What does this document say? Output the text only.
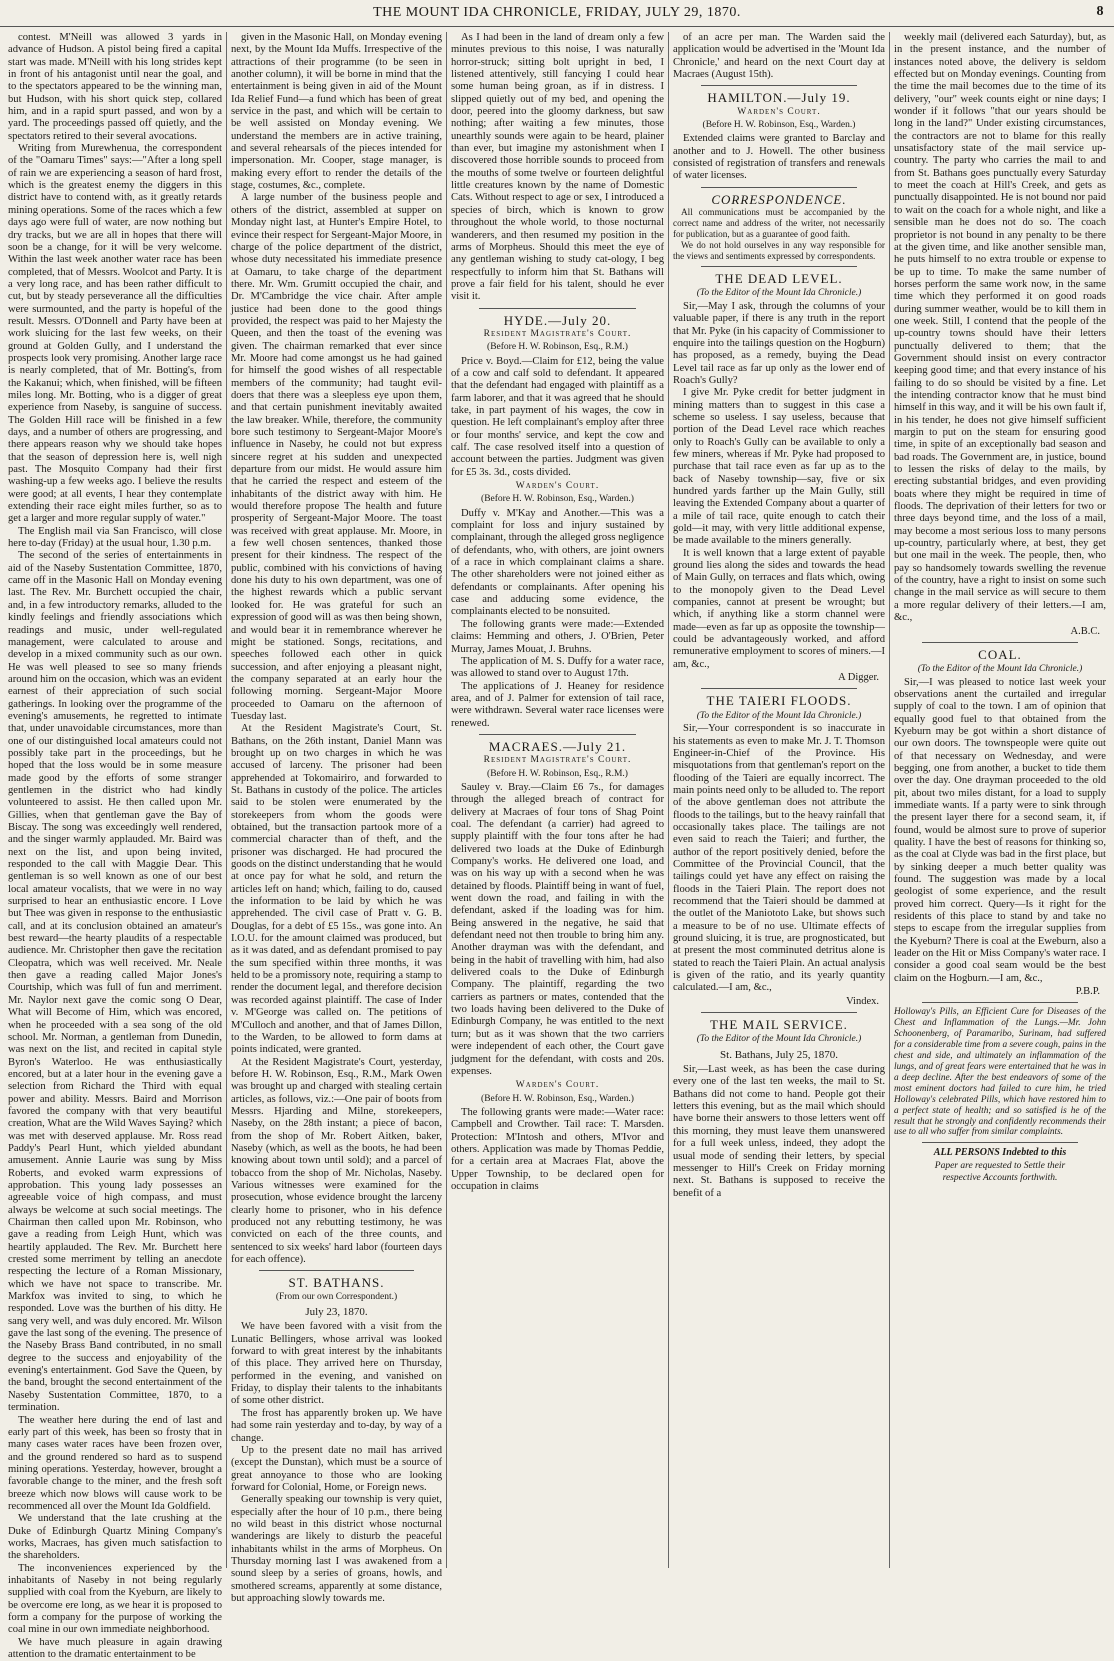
THE MOUNT IDA CHRONICLE, FRIDAY, JULY 29, 1870.	8

contest. M'Neill was allowed 3 yards in advance of Hudson. A pistol being fired a capital start was made. M'Neill with his long strides kept in front of his antagonist until near the goal, and to the spectators appeared to be the winning man, but Hudson, with his short quick step, collared him, and in a rapid spurt passed, and won by a yard. The proceedings passed off quietly, and the spectators retired to their several avocations.

Writing from Murewhenua, the correspondent of the "Oamaru Times" says:—"After a long spell of rain we are experiencing a season of hard frost, which is the greatest enemy the diggers in this district have to contend with, as it greatly retards mining operations. Some of the races which a few days ago were full of water, are now nothing but dry tracks, but we are all in hopes that there will soon be a change, for it will be very welcome. Within the last week another water race has been completed, that of Messrs. Woolcot and Party. It is a very long race, and has been rather difficult to cut, but by steady perseverance all the difficulties were surmounted, and the party is hopeful of the result. Messrs. O'Donnell and Party have been at work sluicing for the last few weeks, on their ground at Golden Gully, and I understand the prospects look very promising. Another large race is nearly completed, that of Mr. Botting's, from the Kakanui; which, when finished, will be fifteen miles long. Mr. Botting, who is a digger of great experience from Naseby, is sanguine of success. The Golden Hill race will be finished in a few days, and a number of others are progressing, and there appears reason why we should take hopes that the season of depression here is, well nigh past. The Mosquito Company had their first washing-up a few weeks ago. I believe the results were good; at all events, I hear they contemplate extending their race eight miles further, so as to get a larger and more regular supply of water."

The English mail via San Francisco, will close here to-day (Friday) at the usual hour, 1.30 p.m.

The second of the series of entertainments in aid of the Naseby Sustentation Committee, 1870, came off in the Masonic Hall on Monday evening last. The Rev. Mr. Burchett occupied the chair, and, in a few introductory remarks, alluded to the kindly feelings and friendly associations which readings and music, under well-regulated management, were calculated to arouse and develop in a mixed community such as our own. He was well pleased to see so many friends around him on the occasion, which was an evident earnest of their appreciation of such social gatherings. In looking over the programme of the evening's amusements, he regretted to intimate that, under unavoidable circumstances, more than one of our distinguished local amateurs could not possibly take part in the proceedings, but he hoped that the loss would be in some measure made good by the efforts of some stranger gentlemen in the district who had kindly volunteered to assist. He then called upon Mr. Gillies, when that gentleman gave the Bay of Biscay. The song was exceedingly well rendered, and the singer warmly applauded. Mr. Baird was next on the list, and upon being invited, responded to the call with Maggie Dear. This gentleman is so well known as one of our best local amateur vocalists, that we were in no way surprised to hear an enthusiastic encore. I Love but Thee was given in response to the enthusiastic call, and at its conclusion obtained an amateur's best reward—the hearty plaudits of a respectable audience. Mr. Christopher then gave the recitation Cleopatra, which was well received. Mr. Neale then gave a reading called Major Jones's Courtship, which was full of fun and merriment. Mr. Naylor next gave the comic song O Dear, What will Become of Him, which was encored, when he proceeded with a sea song of the old school. Mr. Norman, a gentleman from Dunedin, was next on the list, and recited in capital style Byron's Waterloo. He was enthusiastically encored, but at a later hour in the evening gave a selection from Richard the Third with equal power and ability. Messrs. Baird and Morrison favored the company with that very beautiful creation, What are the Wild Waves Saying? which was met with deserved applause. Mr. Ross read Paddy's Pearl Hunt, which yielded abundant amusement. Annie Laurie was sung by Miss Roberts, and evoked warm expressions of approbation. This young lady possesses an agreeable voice of high compass, and must always be welcome at such social meetings. The Chairman then called upon Mr. Robinson, who gave a reading from Leigh Hunt, which was heartily applauded. The Rev. Mr. Burchett here crested some merriment by telling an anecdote respecting the lecture of a Roman Missionary, which we have not space to transcribe. Mr. Markfox was invited to sing, to which he responded. Love was the burthen of his ditty. He sang very well, and was duly encored. Mr. Wilson gave the last song of the evening. The presence of the Naseby Brass Band contributed, in no small degree to the success and enjoyability of the evening's entertainment. God Save the Queen, by the band, brought the second entertainment of the Naseby Sustentation Committee, 1870, to a termination.

The weather here during the end of last and early part of this week, has been so frosty that in many cases water races have been frozen over, and the ground rendered so hard as to suspend mining operations. Yesterday, however, brought a favorable change to the miner, and the fresh soft breeze which now blows will cause work to be recommenced all over the Mount Ida Goldfield.

We understand that the late crushing at the Duke of Edinburgh Quartz Mining Company's works, Macraes, has given much satisfaction to the shareholders.

The inconveniences experienced by the inhabitants of Naseby in not being regularly supplied with coal from the Kyeburn, are likely to be overcome ere long, as we hear it is proposed to form a company for the purpose of working the coal mine in our own immediate neighborhood.

We have much pleasure in again drawing attention to the dramatic entertainment to be

given in the Masonic Hall, on Monday evening next, by the Mount Ida Muffs. Irrespective of the attractions of their programme (to be seen in another column), it will be borne in mind that the entertainment is being given in aid of the Mount Ida Relief Fund—a fund which has been of great service in the past, and which will be certain to be well assisted on Monday evening. We understand the members are in active training, and several rehearsals of the pieces intended for impersonation. Mr. Cooper, stage manager, is making every effort to render the details of the stage, costumes, &c., complete.

A large number of the business people and others of the district, assembled at supper on Monday night last, at Hunter's Empire Hotel, to evince their respect for Sergeant-Major Moore, in charge of the police department of the district, whose duty necessitated his immediate presence at Oamaru, to take charge of the department there. Mr. Wm. Grumitt occupied the chair, and Dr. M'Cambridge the vice chair. After ample justice had been done to the good things provided, the respect was paid to her Majesty the Queen, and then the toast of the evening was given. The chairman remarked that ever since Mr. Moore had come amongst us he had gained for himself the good wishes of all respectable members of the community; had taught evil-doers that there was a sleepless eye upon them, and that certain punishment inevitably awaited the law breaker. While, therefore, the community bore such testimony to Sergeant-Major Moore's influence in Naseby, he could not but express sincere regret at his sudden and unexpected departure from our midst. He would assure him that he carried the respect and esteem of the inhabitants of the district away with him. He would therefore propose The health and future prosperity of Sergeant-Major Moore. The toast was received with great applause. Mr. Moore, in a few well chosen sentences, thanked those present for their kindness. The respect of the public, combined with his convictions of having done his duty to his own department, was one of the highest rewards which a public servant looked for. He was grateful for such an expression of good will as was then being shown, and would bear it in remembrance wherever he might be stationed. Songs, recitations, and speeches followed each other in quick succession, and after enjoying a pleasant night, the company separated at an early hour the following morning. Sergeant-Major Moore proceeded to Oamaru on the afternoon of Tuesday last.

At the Resident Magistrate's Court, St. Bathans, on the 26th instant, Daniel Mann was brought up on two charges in which he was accused of larceny. The prisoner had been apprehended at Tokomairiro, and forwarded to St. Bathans in custody of the police. The articles said to be stolen were enumerated by the storekeepers from whom the goods were obtained, but the transaction partook more of a commercial character than of theft, and the prisoner was discharged. He had procured the goods on the distinct understanding that he would at once pay for what he sold, and return the articles left on hand; which, failing to do, caused the information to be laid by which he was apprehended. The civil case of Pratt v. G. B. Douglas, for a debt of £5 15s., was gone into. An I.O.U. for the amount claimed was produced, but as it was dated, and as defendant promised to pay the sum specified within three months, it was held to be a promissory note, requiring a stamp to render the document legal, and therefore decision was recorded against plaintiff. The case of Inder v. M'George was called on. The petitions of M'Culloch and another, and that of James Dillon, to the Warden, to be allowed to form dams at points indicated, were granted.

At the Resident Magistrate's Court, yesterday, before H. W. Robinson, Esq., R.M., Mark Owen was brought up and charged with stealing certain articles, as follows, viz.:—One pair of boots from Messrs. Hjarding and Milne, storekeepers, Naseby, on the 28th instant; a piece of bacon, from the shop of Mr. Robert Aitken, baker, Naseby (which, as well as the boots, he had been knowing about town until sold); and a parcel of tobacco from the shop of Mr. Nicholas, Naseby. Various witnesses were examined for the prosecution, whose evidence brought the larceny clearly home to prisoner, who in his defence produced not any rebutting testimony, he was convicted on each of the three counts, and sentenced to six weeks' hard labor (fourteen days for each offence).

ST. BATHANS.
(From our own Correspondent.)
July 23, 1870.

We have been favored with a visit from the Lunatic Bellingers, whose arrival was looked forward to with great interest by the inhabitants of this place. They arrived here on Thursday, performed in the evening, and vanished on Friday, to display their talents to the inhabitants of some other district.

The frost has apparently broken up. We have had some rain yesterday and to-day, by way of a change.

Up to the present date no mail has arrived (except the Dunstan), which must be a source of great annoyance to those who are looking forward for Colonial, Home, or Foreign news.

Generally speaking our township is very quiet, especially after the hour of 10 p.m., there being no wild beast in this district whose nocturnal wanderings are likely to disturb the peaceful inhabitants whilst in the arms of Morpheus. On Thursday morning last I was awakened from a sound sleep by a series of groans, howls, and smothered screams, apparently at some distance, but approaching slowly towards me.

As I had been in the land of dream only a few minutes previous to this noise, I was naturally horror-struck; sitting bolt upright in bed, I listened attentively, still fancying I could hear some human being groan, as if in distress. I slipped quietly out of my bed, and opening the door, peered into the gloomy darkness, but saw nothing; after waiting a few minutes, those unearthly sounds were again to be heard, plainer than ever, but imagine my astonishment when I discovered those horrible sounds to proceed from the mouths of some twelve or fourteen delightful little creatures known by the name of Domestic Cats. Without respect to age or sex, I introduced a species of birch, which is known to grow throughout the whole world, to those nocturnal wanderers, and then resumed my position in the arms of Morpheus. Should this meet the eye of any gentleman wishing to study cat-ology, I beg respectfully to inform him that St. Bathans will prove a fair field for his talent, should he ever visit it.

HYDE.—July 20.
Resident Magistrate's Court.
(Before H. W. Robinson, Esq., R.M.)

Price v. Boyd.—Claim for £12, being the value of a cow and calf sold to defendant. It appeared that the defendant had engaged with plaintiff as a farm laborer, and that it was agreed that he should take, in part payment of his wages, the cow in question. He left complainant's employ after three or four months' service, and kept the cow and calf. The case resolved itself into a question of account between the parties. Judgment was given for £5 3s. 3d., costs divided.

Warden's Court.
(Before H. W. Robinson, Esq., Warden.)

Duffy v. M'Kay and Another.—This was a complaint for loss and injury sustained by complainant, through the alleged gross negligence of defendants, who, with others, are joint owners of a race in which complainant claims a share. The other shareholders were not joined either as defendants or complainants. After opening his case and adducing some evidence, the complainants elected to be nonsuited.

The following grants were made:—Extended claims: Hemming and others, J. O'Brien, Peter Murray, James Mouat, J. Bruhns.

The application of M. S. Duffy for a water race, was allowed to stand over to August 17th.

The applications of J. Heaney for residence area, and of J. Palmer for extension of tail race, were withdrawn. Several water race licenses were renewed.

MACRAES.—July 21.
Resident Magistrate's Court.
(Before H. W. Robinson, Esq., R.M.)

Sauley v. Bray.—Claim £6 7s., for damages through the alleged breach of contract for delivery at Macraes of four tons of Shag Point coal. The defendant (a carrier) had agreed to supply plaintiff with the four tons after he had delivered two loads at the Duke of Edinburgh Company's works. He delivered one load, and was on his way up with a second when he was detained by floods. Plaintiff being in want of fuel, went down the road, and failing in with the defendant, asked if the loading was for him. Being answered in the negative, he said that defendant need not then trouble to bring him any. Another drayman was with the defendant, and being in the habit of travelling with him, had also delivered coals to the Duke of Edinburgh Company. The plaintiff, regarding the two carriers as partners or mates, contended that the two loads having been delivered to the Duke of Edinburgh Company, he was entitled to the next turn; but as it was shown that the two carriers were independent of each other, the Court gave judgment for the defendant, with costs and 20s. expenses.

Warden's Court.
(Before H. W. Robinson, Esq., Warden.)

The following grants were made:—Water race: Campbell and Crowther. Tail race: T. Marsden. Protection: M'Intosh and others, M'Ivor and others. Application was made by Thomas Peddie, for a certain area at Macraes Flat, above the Upper Township, to be declared open for occupation in claims

of an acre per man. The Warden said the application would be advertised in the 'Mount Ida Chronicle,' and heard on the next Court day at Macraes (August 15th).

HAMILTON.—July 19.
Warden's Court.
(Before H. W. Robinson, Esq., Warden.)

Extended claims were granted to Barclay and another and to J. Howell. The other business consisted of registration of transfers and renewals of water licenses.

CORRESPONDENCE.

All communications must be accompanied by the correct name and address of the writer, not necessarily for publication, but as a guarantee of good faith.

We do not hold ourselves in any way responsible for the views and sentiments expressed by correspondents.

THE DEAD LEVEL.
(To the Editor of the Mount Ida Chronicle.)

Sir,—May I ask, through the columns of your valuable paper, if there is any truth in the report that Mr. Pyke (in his capacity of Commissioner to enquire into the tailings question on the Hogburn) has proposed, as a remedy, buying the Dead Level tail race as far up only as the lower end of Roach's Gully?

I give Mr. Pyke credit for better judgment in mining matters than to suggest in this case a scheme so useless. I say useless, because that portion of the Dead Level race which reaches only to Roach's Gully can be available to only a few miners, whereas if Mr. Pyke had proposed to purchase that tail race even as far up as to the back of Naseby township—say, five or six hundred yards farther up the Main Gully, still leaving the Extended Company about a quarter of a mile of tail race, quite enough to catch their gold—it may, with very little additional expense, be made available to the miners generally.

It is well known that a large extent of payable ground lies along the sides and towards the head of Main Gully, on terraces and flats which, owing to the monopoly given to the Dead Level companies, cannot at present be wrought; but which, if anything like a storm channel were made—even as far up as opposite the township—could be advantageously worked, and afford remunerative employment to scores of miners.—I am, &c.,

A Digger.
THE TAIERI FLOODS.
(To the Editor of the Mount Ida Chronicle.)

Sir,—Your correspondent is so inaccurate in his statements as even to make Mr. J. T. Thomson Engineer-in-Chief of the Province. His misquotations from that gentleman's report on the flooding of the Taieri are equally incorrect. The main points need only to be alluded to. The report of the above gentleman does not attribute the floods to the tailings, but to the heavy rainfall that occasionally takes place. The tailings are not even said to reach the Taieri; and further, the author of the report positively denied, before the Committee of the Provincial Council, that the tailings could yet have any effect on raising the floods in the Taieri Plain. The report does not recommend that the Taieri should be dammed at the outlet of the Maniototo Lake, but shows such a measure to be of no use. Ultimate effects of ground sluicing, it is true, are prognosticated, but at present the most comminuted detritus alone is stated to reach the Taieri Plain. An actual analysis is given of the ratio, and its yearly quantity calculated.—I am, &c.,

Vindex.
THE MAIL SERVICE.
(To the Editor of the Mount Ida Chronicle.)
St. Bathans, July 25, 1870.

Sir,—Last week, as has been the case during every one of the last ten weeks, the mail to St. Bathans did not come to hand. People got their letters this evening, but as the mail which should have borne their answers to those letters went off this morning, they must leave them unanswered for a full week unless, indeed, they adopt the usual mode of sending their letters, by special messenger to Hill's Creek on Friday morning next. St. Bathans is supposed to receive the benefit of a

weekly mail (delivered each Saturday), but, as in the present instance, and the number of instances noted above, the delivery is seldom effected but on Monday evenings. Counting from the time the mail becomes due to the time of its delivery, "our" week counts eight or nine days; I wonder if it follows "that our years should be long in the land?" Under existing circumstances, the contractors are not to blame for this really unsatisfactory state of the mail service up-country. The party who carries the mail to and from St. Bathans goes punctually every Saturday to meet the coach at Hill's Creek, and gets as punctually disappointed. He is not bound nor paid to wait on the coach for a whole night, and like a sensible man he does not do so. The coach proprietor is not bound in any penalty to be there at the given time, and like another sensible man, he puts himself to no extra trouble or expense to be up to time. To make the same number of horses perform the same work now, in the same time which they performed it on good roads during summer weather, would be to kill them in one week. Still, I contend that the people of the up-country towns should have their letters punctually delivered to them; that the Government should insist on every contractor keeping good time; and that every instance of his failing to do so should be visited by a fine. Let the intending contractor know that he must bind himself in this way, and it will be his own fault if, in his tender, he does not give himself sufficient margin to put on the steam for ensuring good time, in spite of an exceptionally bad season and bad roads. The Government are, in justice, bound to lessen the risks of delay to the mails, by erecting substantial bridges, and even providing boats where they might be required in time of floods. The deprivation of their letters for two or three days beyond time, and the loss of a mail, may become a most serious loss to many persons up-country, particularly where, at best, they get but one mail in the week. The people, then, who pay so handsomely towards swelling the revenue of the country, have a right to insist on some such change in the mail service as will secure to them a more regular delivery of their letters.—I am, &c.,

A.B.C.
COAL.
(To the Editor of the Mount Ida Chronicle.)

Sir,—I was pleased to notice last week your observations anent the curtailed and irregular supply of coal to the town. I am of opinion that equally good fuel to that obtained from the Kyeburn may be got within a short distance of our own doors. The townspeople were quite out of that necessary on Wednesday, and were begging, one from another, a bucket to tide them over the day. One drayman proceeded to the old pit, about two miles distant, for a load to supply immediate wants. If a party were to sink through the present layer there for a second seam, it, if found, would be almost sure to prove of superior quality. I have the best of reasons for thinking so, as the coal at Clyde was bad in the first place, but by sinking deeper a much better quality was found. The suggestion was made by a local geologist of some experience, and the result proved him correct. Query—Is it right for the residents of this place to stand by and take no steps to escape from the irregular supplies from the Kyeburn? There is coal at the Eweburn, also a leader on the Hit or Miss Company's water race. I consider a good coal seam would be the best claim on the Hogburn.—I am, &c.,

P.B.P.

Holloway's Pills, an Efficient Cure for Diseases of the Chest and Inflammation of the Lungs.—Mr. John Schoonenberg, of Paramaribo, Surinam, had suffered for a considerable time from a severe cough, pains in the chest and side, and ultimately an inflammation of the lungs, and of great fears were entertained that he was in a deep decline. After the best endeavors of some of the most eminent doctors had failed to cure him, he tried Holloway's celebrated Pills, which have restored him to a perfect state of health; and so satisfied is he of the result that he strongly and confidently recommends their use to all who suffer from similar complaints.

ALL PERSONS Indebted to this

Paper are requested to Settle their

respective Accounts forthwith.
